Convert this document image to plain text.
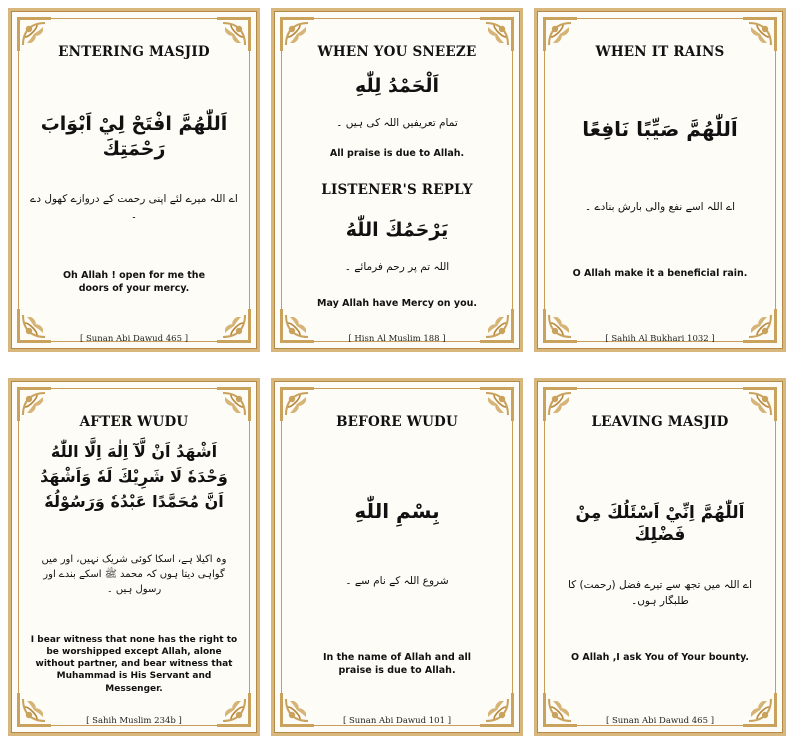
ENTERING MASJID
اَللّٰهُمَّ افْتَحْ لِيْ اَبْوَابَ رَحْمَتِكَ
اے اللہ میرے لئے اپنی رحمت کے دروازے کھول دے ۔
Oh Allah ! open for me the doors of your mercy.
[ Sunan Abi Dawud 465 ]
WHEN YOU SNEEZE
اَلْحَمْدُ لِلّٰهِ
تمام تعریفیں اللہ کی ہیں ۔
All praise is due to Allah.
LISTENER'S REPLY
يَرْحَمُكَ اللّٰهُ
اللہ تم پر رحم فرمائے ۔
May Allah have Mercy on you.
[ Hisn Al Muslim 188 ]
WHEN IT RAINS
اَللّٰهُمَّ صَيِّبًا نَافِعًا
اے اللہ اسے نفع والی بارش بنادے ۔
O Allah make it a beneficial rain.
[ Sahih Al Bukhari 1032 ]
AFTER WUDU
اَشْهَدُ اَنْ لَّآ اِلٰهَ اِلَّا اللّٰهُ وَحْدَهٗ لَا شَرِيْكَ لَهٗ وَاَشْهَدُ اَنَّ مُحَمَّدًا عَبْدُهٗ وَرَسُوْلُهٗ
وہ اکیلا ہے، اسکا کوئی شریک نہیں، اور میں گواہی دیتا ہوں کہ محمد ﷺ اسکے بندے اور رسول ہیں ۔
I bear witness that none has the right to be worshipped except Allah, alone without partner, and bear witness that Muhammad is His Servant and Messenger.
[ Sahih Muslim 234b ]
BEFORE WUDU
بِسْمِ اللّٰهِ
شروع اللہ کے نام سے ۔
In the name of Allah and all praise is due to Allah.
[ Sunan Abi Dawud 101 ]
LEAVING MASJID
اَللّٰهُمَّ اِنِّيْ اَسْئَلُكَ مِنْ فَضْلِكَ
اے اللہ میں تجھ سے تیرے فضل (رحمت) کا طلبگار ہوں۔
O Allah ,I ask You of Your bounty.
[ Sunan Abi Dawud 465 ]
